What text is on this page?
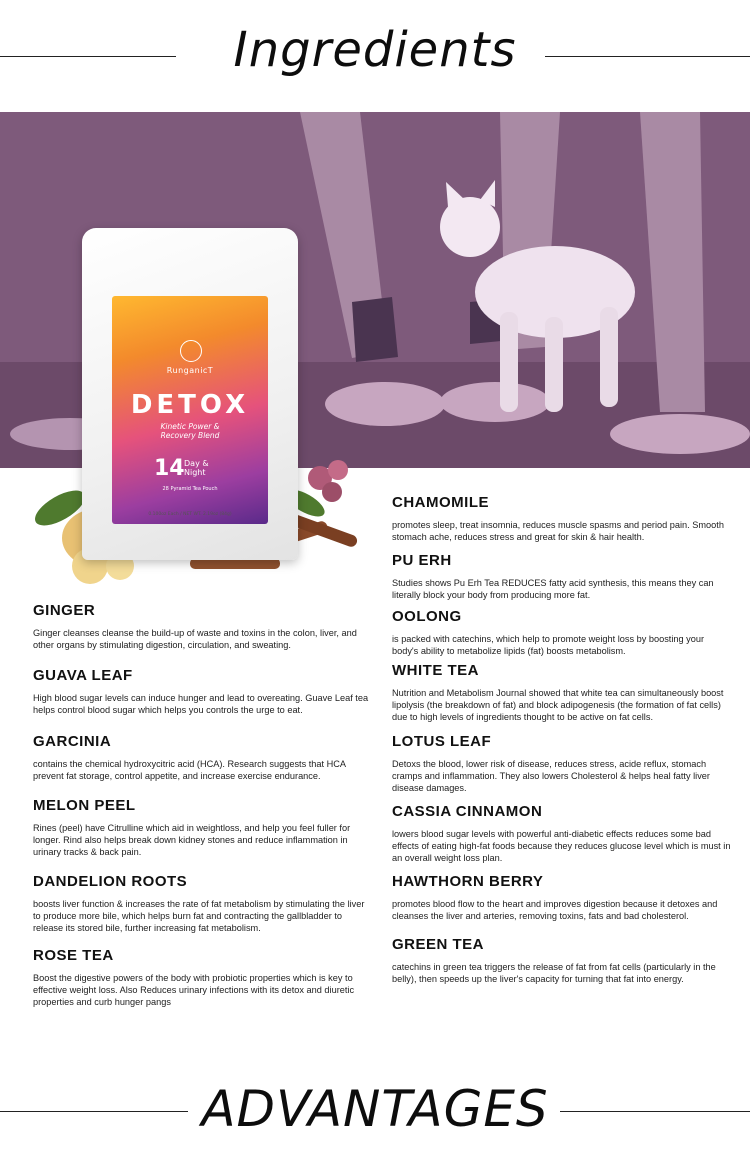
Ingredients
RunganicT
DETOX
Kinetic Power &
Recovery Blend
14 Day &
Night
28 Pyramid Tea Pouch
0.100oz Each / NET WT. 2.19oz (84g)
GINGER

Ginger cleanses cleanse the build-up of waste and toxins in the colon, liver, and other organs by stimulating digestion, circulation, and sweating.

GUAVA LEAF

High blood sugar levels can induce hunger and lead to overeating. Guave Leaf tea helps control blood sugar which helps you controls the urge to eat.

GARCINIA

contains the chemical hydroxycitric acid (HCA). Research suggests that HCA prevent fat storage, control appetite, and increase exercise endurance.

MELON PEEL

Rines (peel) have Citrulline which aid in weightloss, and help you feel fuller for longer. Rind also helps break down kidney stones and reduce inflammation in urinary tracks & back pain.

DANDELION ROOTS

boosts liver function & increases the rate of fat metabolism by stimulating the liver to produce more bile, which helps burn fat and contracting the gallbladder to release its stored bile, further increasing fat metabolism.

ROSE TEA

Boost the digestive powers of the body with probiotic properties which is key to effective weight loss. Also Reduces urinary infections with its detox and diuretic properties and curb hunger pangs

CHAMOMILE

promotes sleep, treat insomnia, reduces muscle spasms and period pain. Smooth stomach ache, reduces stress and great for skin & hair health.

PU ERH

Studies shows Pu Erh Tea REDUCES fatty acid synthesis, this means they can literally block your body from producing more fat.

OOLONG

is packed with catechins, which help to promote weight loss by boosting your body's ability to metabolize lipids (fat) boosts metabolism.

WHITE TEA

Nutrition and Metabolism Journal showed that white tea can simultaneously boost lipolysis (the breakdown of fat) and block adipogenesis (the formation of fat cells) due to high levels of ingredients thought to be active on fat cells.

LOTUS LEAF

Detoxs the blood, lower risk of disease, reduces stress, acide reflux, stomach cramps and inflammation. They also lowers Cholesterol & helps heal fatty liver disease damages.

CASSIA CINNAMON

lowers blood sugar levels with powerful anti-diabetic effects reduces some bad effects of eating high-fat foods because they reduces glucose level which is must in an overall weight loss plan.

HAWTHORN BERRY

promotes blood flow to the heart and improves digestion because it detoxes and cleanses the liver and arteries, removing toxins, fats and bad cholesterol.

GREEN TEA

catechins in green tea triggers the release of fat from fat cells (particularly in the belly), then speeds up the liver's capacity for turning that fat into energy.

ADVANTAGES
